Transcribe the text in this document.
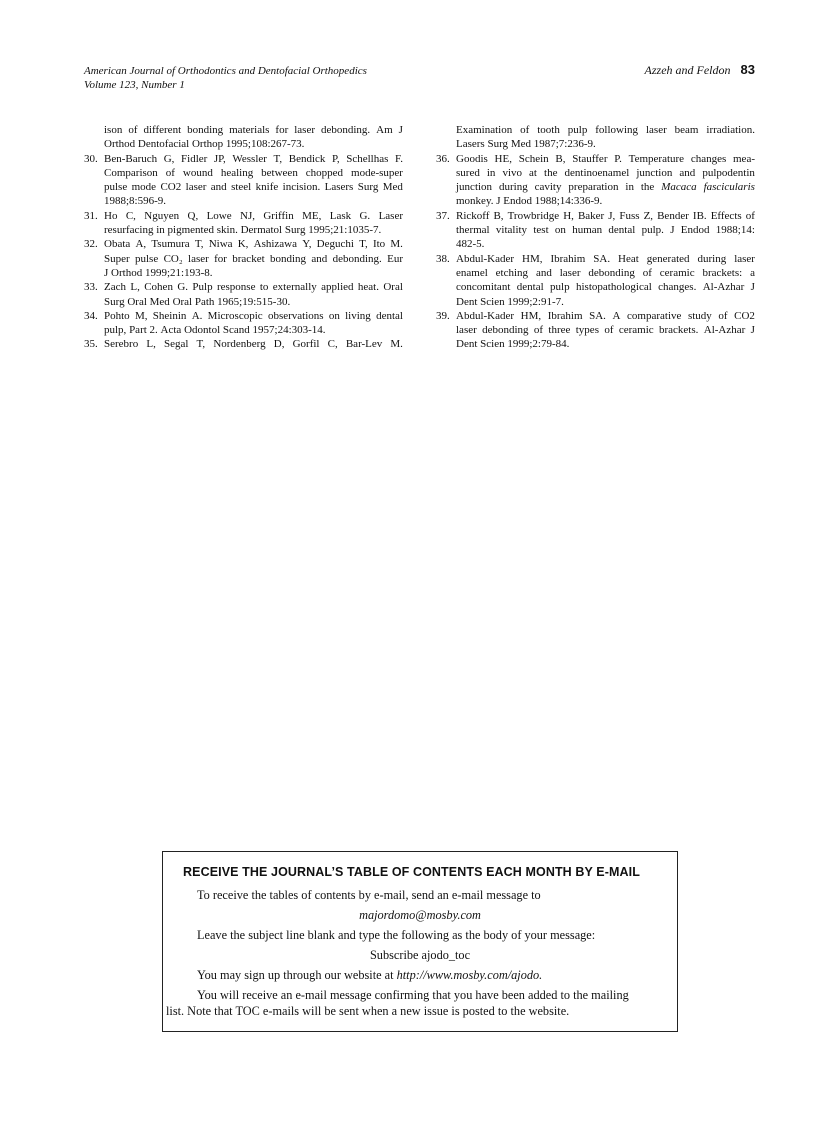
American Journal of Orthodontics and Dentofacial Orthopedics
Volume 123, Number 1
Azzeh and Feldon 83
ison of different bonding materials for laser debonding. Am J
Orthod Dentofacial Orthop 1995;108:267-73.
30. Ben-Baruch G, Fidler JP, Wessler T, Bendick P, Schellhas F.
Comparison of wound healing between chopped mode-super
pulse mode CO2 laser and steel knife incision. Lasers Surg Med
1988;8:596-9.
31. Ho C, Nguyen Q, Lowe NJ, Griffin ME, Lask G. Laser
resurfacing in pigmented skin. Dermatol Surg 1995;21:1035-7.
32. Obata A, Tsumura T, Niwa K, Ashizawa Y, Deguchi T, Ito M.
Super pulse CO₂ laser for bracket bonding and debonding. Eur
J Orthod 1999;21:193-8.
33. Zach L, Cohen G. Pulp response to externally applied heat. Oral
Surg Oral Med Oral Path 1965;19:515-30.
34. Pohto M, Sheinin A. Microscopic observations on living dental
pulp, Part 2. Acta Odontol Scand 1957;24:303-14.
35. Serebro L, Segal T, Nordenberg D, Gorfil C, Bar-Lev M.
Examination of tooth pulp following laser beam irradiation.
Lasers Surg Med 1987;7:236-9.
36. Goodis HE, Schein B, Stauffer P. Temperature changes mea-
sured in vivo at the dentinoenamel junction and pulpodentin
junction during cavity preparation in the Macaca fascicularis
monkey. J Endod 1988;14:336-9.
37. Rickoff B, Trowbridge H, Baker J, Fuss Z, Bender IB. Effects of
thermal vitality test on human dental pulp. J Endod 1988;14:
482-5.
38. Abdul-Kader HM, Ibrahim SA. Heat generated during laser
enamel etching and laser debonding of ceramic brackets: a
concomitant dental pulp histopathological changes. Al-Azhar J
Dent Scien 1999;2:91-7.
39. Abdul-Kader HM, Ibrahim SA. A comparative study of CO2
laser debonding of three types of ceramic brackets. Al-Azhar J
Dent Scien 1999;2:79-84.
RECEIVE THE JOURNAL’S TABLE OF CONTENTS EACH MONTH BY E-MAIL
To receive the tables of contents by e-mail, send an e-mail message to
majordomo@mosby.com
Leave the subject line blank and type the following as the body of your message:
Subscribe ajodo_toc
You may sign up through our website at http://www.mosby.com/ajodo.
You will receive an e-mail message confirming that you have been added to the mailing
list. Note that TOC e-mails will be sent when a new issue is posted to the website.
